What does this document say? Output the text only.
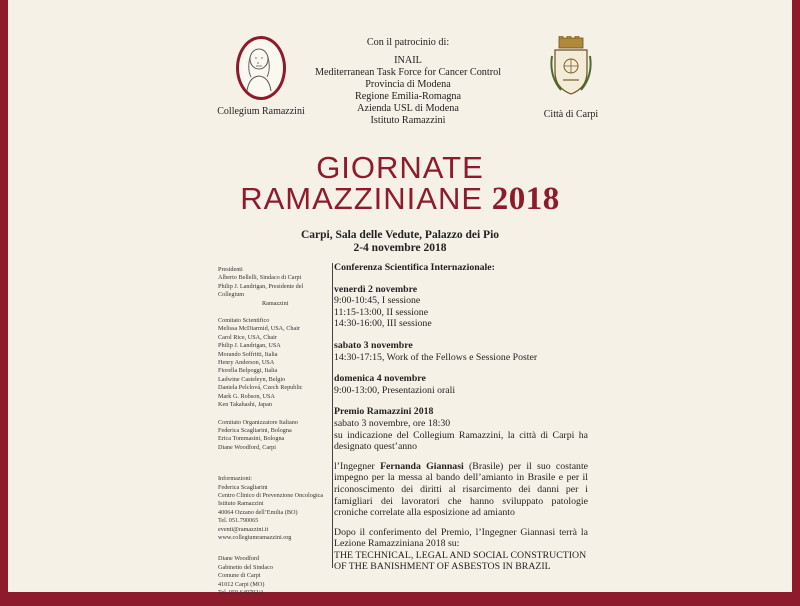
Collegium Ramazzini
Con il patrocinio di:
INAIL
Mediterranean Task Force for Cancer Control
Provincia di Modena
Regione Emilia-Romagna
Azienda USL di Modena
Istituto Ramazzini
Città di Carpi
GIORNATE
RAMAZZINIANE 2018
Carpi, Sala delle Vedute, Palazzo dei Pio
2-4 novembre 2018
Presidenti
Alberto Bellelli, Sindaco di Carpi
Philip J. Landrigan, Presidente del Collegium
Ramazzini
Comitato Scientifico
Melissa McDiarmid, USA, Chair
Carol Rice, USA, Chair
Philip J. Landrigan, USA
Morando Soffritti, Italia
Henry Anderson, USA
Fiorella Belpoggi, Italia
Ladwine Casteleyn, Belgio
Daniela Pelclová, Czech Republic
Mark G. Robson, USA
Ken Takahashi, Japan
Comitato Organizzatore Italiano
Federica Scagliarini, Bologna
Erica Tommasini, Bologna
Diane Woodford, Carpi
Informazioni:
Federica Scagliarini
Centro Clinico di Prevenzione Oncologica
Istituto Ramazzini
40064 Ozzano dell’Emilia (BO)
Tel. 051.790065
eventi@ramazzini.it
www.collegiumramazzini.org
Diane Woodford
Gabinetto del Sindaco
Comune di Carpi
41012 Carpi (MO)
Tel. 059.649792/4
Conferenza Scientifica Internazionale:
venerdì 2 novembre
9:00-10:45, I sessione
11:15-13:00, II sessione
14:30-16:00, III sessione
sabato 3 novembre
14:30-17:15, Work of the Fellows e Sessione Poster
domenica 4 novembre
9:00-13:00, Presentazioni orali
Premio Ramazzini 2018
sabato 3 novembre, ore 18:30
su indicazione del Collegium Ramazzini, la città di Carpi ha designato quest’anno
l’Ingegner Fernanda Giannasi (Brasile) per il suo costante impegno per la messa al bando dell’amianto in Brasile e per il riconoscimento dei diritti al risarcimento dei danni per i famigliari dei lavoratori che hanno sviluppato patologie croniche correlate alla esposizione ad amianto
Dopo il conferimento del Premio, l’Ingegner Giannasi terrà la Lezione Ramazziniana 2018 su:
THE TECHNICAL, LEGAL AND SOCIAL CONSTRUCTION
OF THE BANISHMENT OF ASBESTOS IN BRAZIL
